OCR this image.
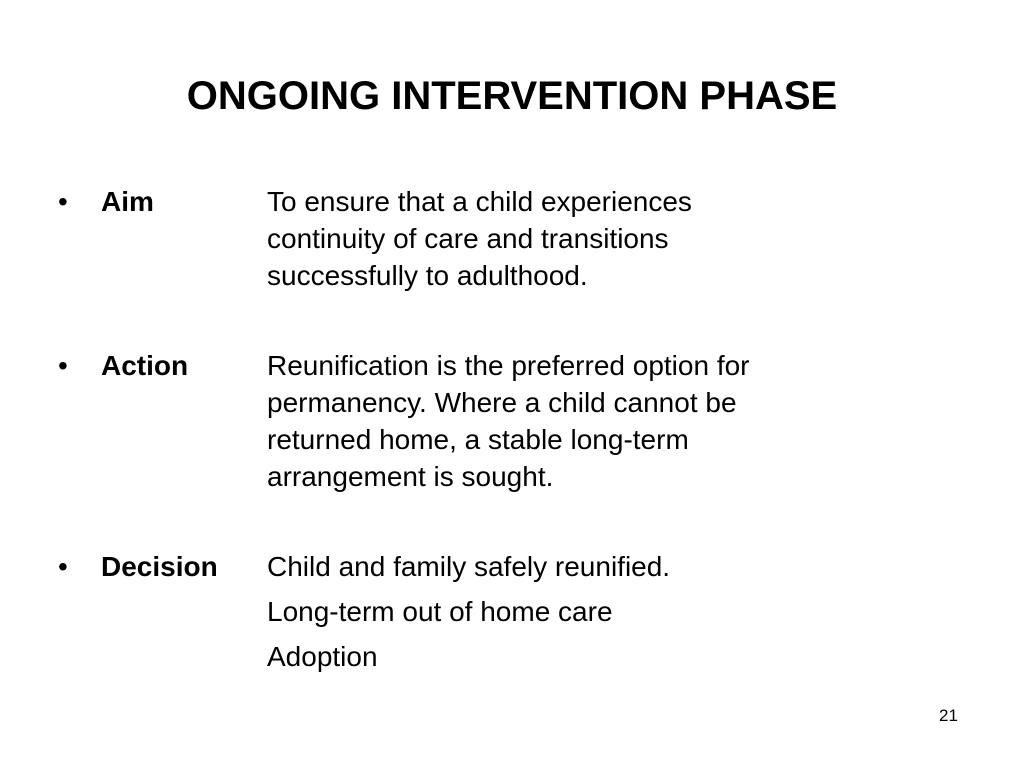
ONGOING INTERVENTION PHASE
• Aim	To ensure that a child experiences
continuity of care and transitions
successfully to adulthood.
• Action	Reunification is the preferred option for
permanency. Where a child cannot be
returned home, a stable long-term
arrangement is sought.
• Decision Child and family safely reunified.
Long-term out of home care
Adoption
21
